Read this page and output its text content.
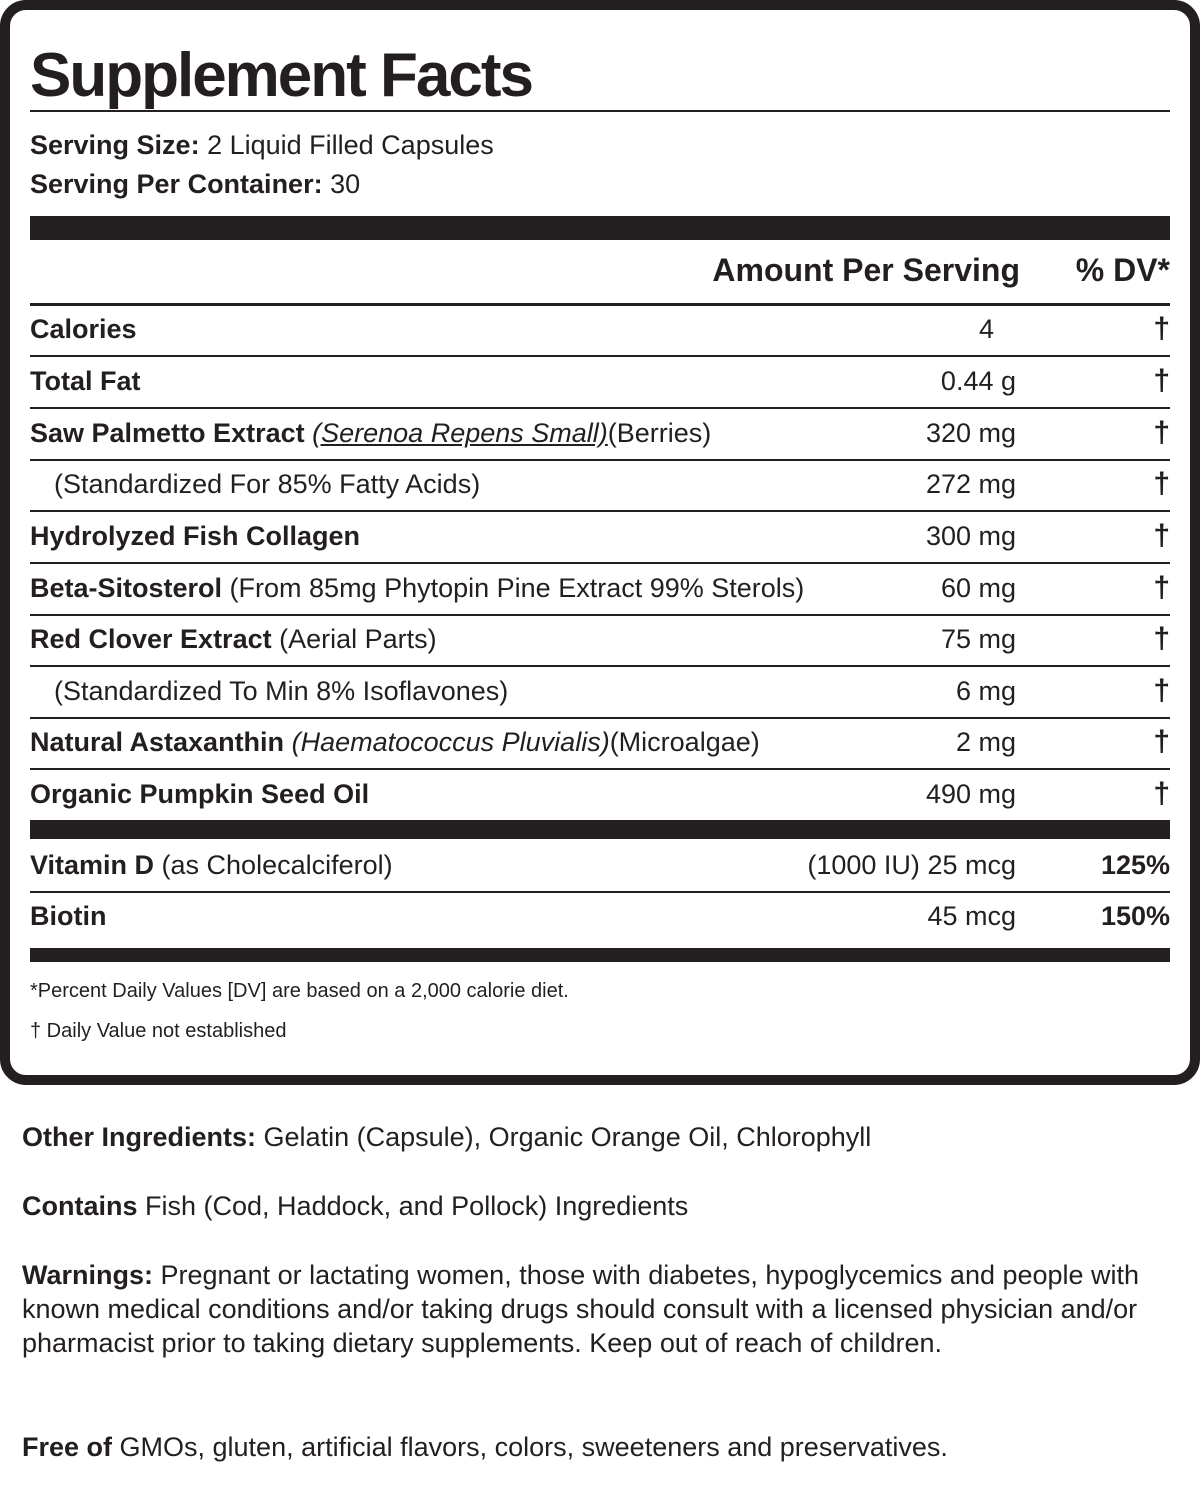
Supplement Facts
Serving Size: 2 Liquid Filled Capsules
Serving Per Container: 30
Amount Per Serving % DV*
Calories	4	†
Total Fat	0.44 g	†
Saw Palmetto Extract (Serenoa Repens Small)(Berries)	320 mg	†
(Standardized For 85% Fatty Acids)	272 mg	†
Hydrolyzed Fish Collagen	300 mg	†
Beta-Sitosterol (From 85mg Phytopin Pine Extract 99% Sterols)	60 mg	†
Red Clover Extract (Aerial Parts)	75 mg	†
(Standardized To Min 8% Isoflavones)	6 mg	†
Natural Astaxanthin (Haematococcus Pluvialis)(Microalgae)	2 mg	†
Organic Pumpkin Seed Oil	490 mg	†
Vitamin D (as Cholecalciferol)	(1000 IU) 25 mcg	125%
Biotin	45 mcg	150%
*Percent Daily Values [DV] are based on a 2,000 calorie diet.
† Daily Value not established
Other Ingredients: Gelatin (Capsule), Organic Orange Oil, Chlorophyll
Contains Fish (Cod, Haddock, and Pollock) Ingredients
Warnings: Pregnant or lactating women, those with diabetes, hypoglycemics and people with known medical conditions and/or taking drugs should consult with a licensed physician and/or pharmacist prior to taking dietary supplements. Keep out of reach of children.
Free of GMOs, gluten, artificial flavors, colors, sweeteners and preservatives.
